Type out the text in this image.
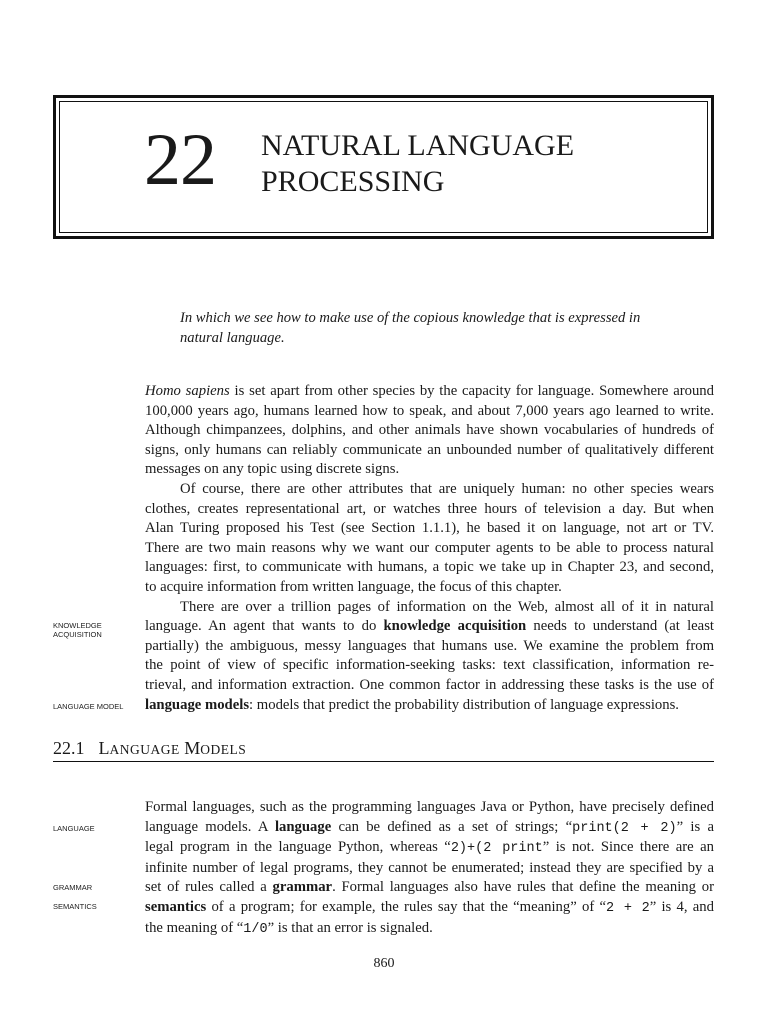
22 NATURAL LANGUAGE
PROCESSING
In which we see how to make use of the copious knowledge that is expressed in
natural language.

Homo sapiens is set apart from other species by the capacity for language. Somewhere around
100,000 years ago, humans learned how to speak, and about 7,000 years ago learned to write.
Although chimpanzees, dolphins, and other animals have shown vocabularies of hundreds of
signs, only humans can reliably communicate an unbounded number of qualitatively different
messages on any topic using discrete signs.

Of course, there are other attributes that are uniquely human: no other species wears
clothes, creates representational art, or watches three hours of television a day. But when
Alan Turing proposed his Test (see Section 1.1.1), he based it on language, not art or TV.
There are two main reasons why we want our computer agents to be able to process natural
languages: first, to communicate with humans, a topic we take up in Chapter 23, and second,
to acquire information from written language, the focus of this chapter.

There are over a trillion pages of information on the Web, almost all of it in natural
language. An agent that wants to do knowledge acquisition needs to understand (at least
partially) the ambiguous, messy languages that humans use. We examine the problem from
the point of view of specific information-seeking tasks: text classification, information re-
trieval, and information extraction. One common factor in addressing these tasks is the use of
language models: models that predict the probability distribution of language expressions.

KNOWLEDGE
ACQUISITION
LANGUAGE MODEL
22.1 LANGUAGE MODELS

Formal languages, such as the programming languages Java or Python, have precisely defined
language models. A language can be defined as a set of strings; “print(2 + 2)” is a
legal program in the language Python, whereas “2)+(2 print” is not. Since there are an
infinite number of legal programs, they cannot be enumerated; instead they are specified by a
set of rules called a grammar. Formal languages also have rules that define the meaning or
semantics of a program; for example, the rules say that the “meaning” of “2 + 2” is 4, and
the meaning of “1/0” is that an error is signaled.

LANGUAGE
GRAMMAR
SEMANTICS
860
